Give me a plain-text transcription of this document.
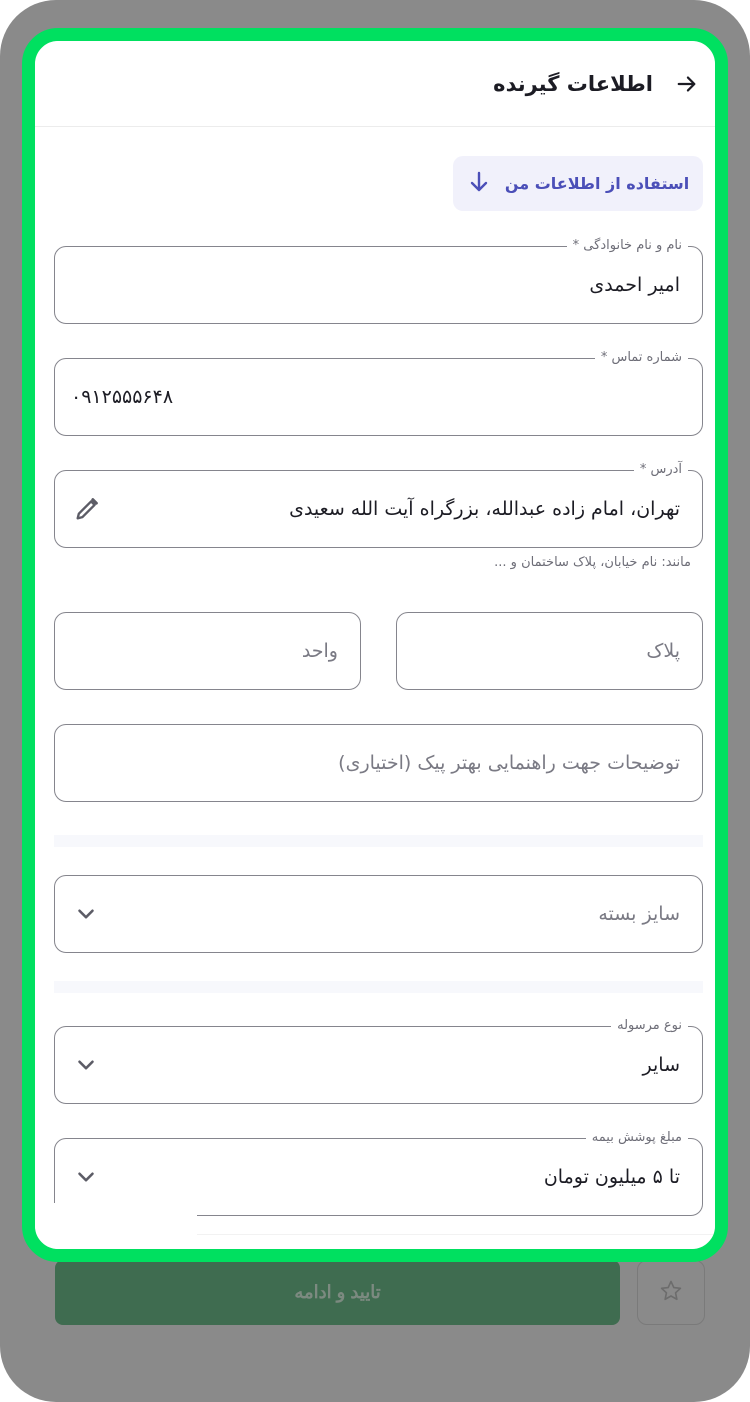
تایید و ادامه
اطلاعات گیرنده
استفاده از اطلاعات من
نام و نام خانوادگی *
امیر احمدی
شماره تماس *
۰۹۱۲۵۵۵۶۴۸
آدرس *
تهران، امام زاده عبدالله، بزرگراه آیت الله سعیدی
مانند: نام خیابان، پلاک ساختمان و ...
پلاک
واحد
توضیحات جهت راهنمایی بهتر پیک (اختیاری)
سایز بسته
نوع مرسوله
سایر
مبلغ پوشش بیمه
تا ۵ میلیون تومان
